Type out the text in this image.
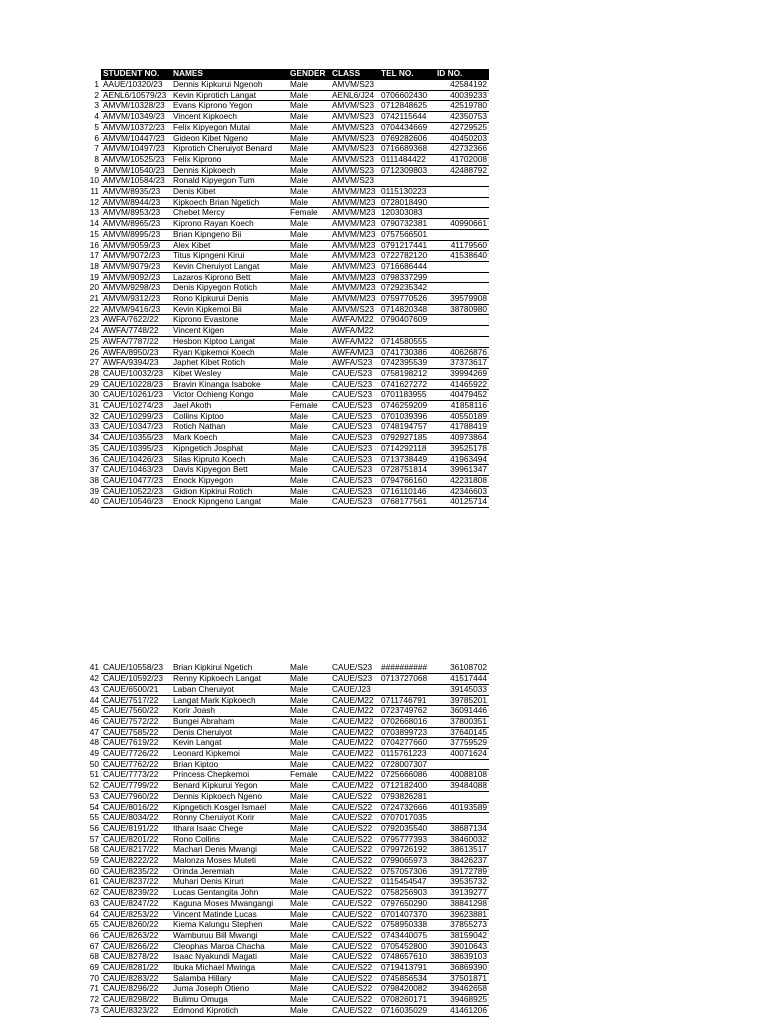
	STUDENT NO.	NAMES	GENDER	CLASS	TEL NO.	ID NO.
1	AAUE/10320/23	Dennis Kipkurui Ngenoh	Male	AMVM/S23		42584192
2	AENL6/10579/23	Kevin Kiprotich Langat	Male	AENL6/J24	0706602430	40039233
3	AMVM/10328/23	Evans Kiprono Yegon	Male	AMVM/S23	0712848625	42519780
4	AMVM/10349/23	Vincent Kipkoech	Male	AMVM/S23	0742115644	42350753
5	AMVM/10372/23	Felix Kipyegon Mutai	Male	AMVM/S23	0704434669	42729525
6	AMVM/10447/23	Gideon Kibet Ngeno	Male	AMVM/S23	0769282606	40450203
7	AMVM/10497/23	Kiprotich Cheruiyot Benard	Male	AMVM/S23	0716689368	42732366
8	AMVM/10525/23	Felix Kiprono	Male	AMVM/S23	0111484422	41702008
9	AMVM/10540/23	Dennis Kipkoech	Male	AMVM/S23	0712309803	42488792
10	AMVM/10584/23	Ronald Kipyegon Tum	Male	AMVM/S23		
11	AMVM/8935/23	Denis Kibet	Male	AMVM/M23	0115130223	
12	AMVM/8944/23	Kipkoech Brian Ngetich	Male	AMVM/M23	0728018490	
13	AMVM/8953/23	Chebet Mercy	Female	AMVM/M23	120303083	
14	AMVM/8965/23	Kiprono Rayan Koech	Male	AMVM/M23	0790732381	40990661
15	AMVM/8995/23	Brian Kipngeno Bii	Male	AMVM/M23	0757566501	
16	AMVM/9059/23	Alex Kibet	Male	AMVM/M23	0791217441	41179560
17	AMVM/9072/23	Titus Kipngeni Kirui	Male	AMVM/M23	0722782120	41538640
18	AMVM/9079/23	Kevin Cheruiyot Langat	Male	AMVM/M23	0716686444	
19	AMVM/9092/23	Lazaros Kiprono Bett	Male	AMVM/M23	0798337299	
20	AMVM/9298/23	Denis Kipyegon Rotich	Male	AMVM/M23	0729235342	
21	AMVM/9312/23	Rono Kipkurui Denis	Male	AMVM/M23	0759770526	39579908
22	AMVM/9416/23	Kevin Kipkemoi Bii	Male	AMVM/S23	0714820348	38780980
23	AWFA/7622/22	Kiprono Evastone	Male	AWFA/M22	0790407609	
24	AWFA/7748/22	Vincent Kigen	Male	AWFA/M22		
25	AWFA/7787/22	Hesbon Kiptoo Langat	Male	AWFA/M22	0714580555	
26	AWFA/8950/23	Ryan Kipkemoi Koech	Male	AWFA/M23	0741730386	40626876
27	AWFA/9394/23	Japhet Kibet Rotich	Male	AWFA/S23	0742395539	37373617
28	CAUE/10032/23	Kibet Wesley	Male	CAUE/S23	0758198212	39994269
29	CAUE/10228/23	Bravin Kinanga Isaboke	Male	CAUE/S23	0741627272	41465922
30	CAUE/10261/23	Victor Ochieng Kongo	Male	CAUE/S23	0701183955	40479452
31	CAUE/10274/23	Jael Akoth	Female	CAUE/S23	0746259209	41858116
32	CAUE/10299/23	Collins Kiptoo	Male	CAUE/S23	0701039396	40550189
33	CAUE/10347/23	Rotich Nathan	Male	CAUE/S23	0748194757	41788419
34	CAUE/10355/23	Mark Koech	Male	CAUE/S23	0792927185	40973864
35	CAUE/10395/23	Kipngetich Josphat	Male	CAUE/S23	0714292118	39525178
36	CAUE/10426/23	Silas Kipruto Koech	Male	CAUE/S23	0713738449	41963494
37	CAUE/10463/23	Davis Kipyegon Bett	Male	CAUE/S23	0728751814	39961347
38	CAUE/10477/23	Enock Kipyegon	Male	CAUE/S23	0794766160	42231808
39	CAUE/10522/23	Gidion Kipkirui Rotich	Male	CAUE/S23	0716110146	42346603
40	CAUE/10546/23	Enock Kipngeno Langat	Male	CAUE/S23	0768177561	40125714
41	CAUE/10558/23	Brian Kipkirui Ngetich	Male	CAUE/S23	##########	36108702
42	CAUE/10592/23	Renny Kipkoech Langat	Male	CAUE/S23	0713727068	41517444
43	CAUE/6500/21	Laban Cheruiyot	Male	CAUE/J23		39145033
44	CAUE/7517/22	Langat Mark Kipkoech	Male	CAUE/M22	0711746791	39785201
45	CAUE/7560/22	Korir Joash	Male	CAUE/M22	0723749762	36091446
46	CAUE/7572/22	Bungei Abraham	Male	CAUE/M22	0702668016	37800351
47	CAUE/7585/22	Denis Cheruiyot	Male	CAUE/M22	0703899723	37640145
48	CAUE/7619/22	Kevin Langat	Male	CAUE/M22	0704277660	37759529
49	CAUE/7726/22	Leonard Kipkemoi	Male	CAUE/M22	0115761223	40071624
50	CAUE/7762/22	Brian Kiptoo	Male	CAUE/M22	0728007307	
51	CAUE/7773/22	Princess Chepkemoi	Female	CAUE/M22	0725666086	40088108
52	CAUE/7799/22	Benard Kipkurui Yegon	Male	CAUE/M22	0712182400	39484088
53	CAUE/7960/22	Dennis Kipkoech Ngeno	Male	CAUE/S22	0793826281	
54	CAUE/8016/22	Kipngetich Kosgei Ismael	Male	CAUE/S22	0724732666	40193589
55	CAUE/8034/22	Ronny Cheruiyot Korir	Male	CAUE/S22	0707017035	
56	CAUE/8191/22	Ithara Isaac Chege	Male	CAUE/S22	0792035540	38687134
57	CAUE/8201/22	Rono Collins	Male	CAUE/S22	0795777393	38460032
58	CAUE/8217/22	Machari Denis Mwangi	Male	CAUE/S22	0799726192	38613517
59	CAUE/8222/22	Malonza Moses Muteti	Male	CAUE/S22	0799065973	38426237
60	CAUE/8235/22	Orinda Jeremiah	Male	CAUE/S22	0757057306	39172789
61	CAUE/8237/22	Muhari Denis Kiruri	Male	CAUE/S22	0115454547	39535732
62	CAUE/8239/22	Lucas Gentangita John	Male	CAUE/S22	0758256903	39139277
63	CAUE/8247/22	Kaguna Moses Mwangangi	Male	CAUE/S22	0797650290	38841298
64	CAUE/8253/22	Vincent Matinde Lucas	Male	CAUE/S22	0701407370	39623881
65	CAUE/8260/22	Kiema Kalungu Stephen	Male	CAUE/S22	0758950338	37855273
66	CAUE/8263/22	Wamburuu Bill Mwangi	Male	CAUE/S22	0743440075	38159042
67	CAUE/8266/22	Cleophas Maroa Chacha	Male	CAUE/S22	0705452800	39010643
68	CAUE/8278/22	Isaac Nyakundi Magati	Male	CAUE/S22	0748657610	38639103
69	CAUE/8281/22	Ibuka Michael Mwinga	Male	CAUE/S22	0719413791	36869390
70	CAUE/8283/22	Salamba Hillary	Male	CAUE/S22	0745856534	37501871
71	CAUE/8296/22	Juma Joseph Otieno	Male	CAUE/S22	0798420082	39462658
72	CAUE/8298/22	Bulimu Omuga	Male	CAUE/S22	0708260171	39468925
73	CAUE/8323/22	Edmond Kiprotich	Male	CAUE/S22	0716035029	41461206
